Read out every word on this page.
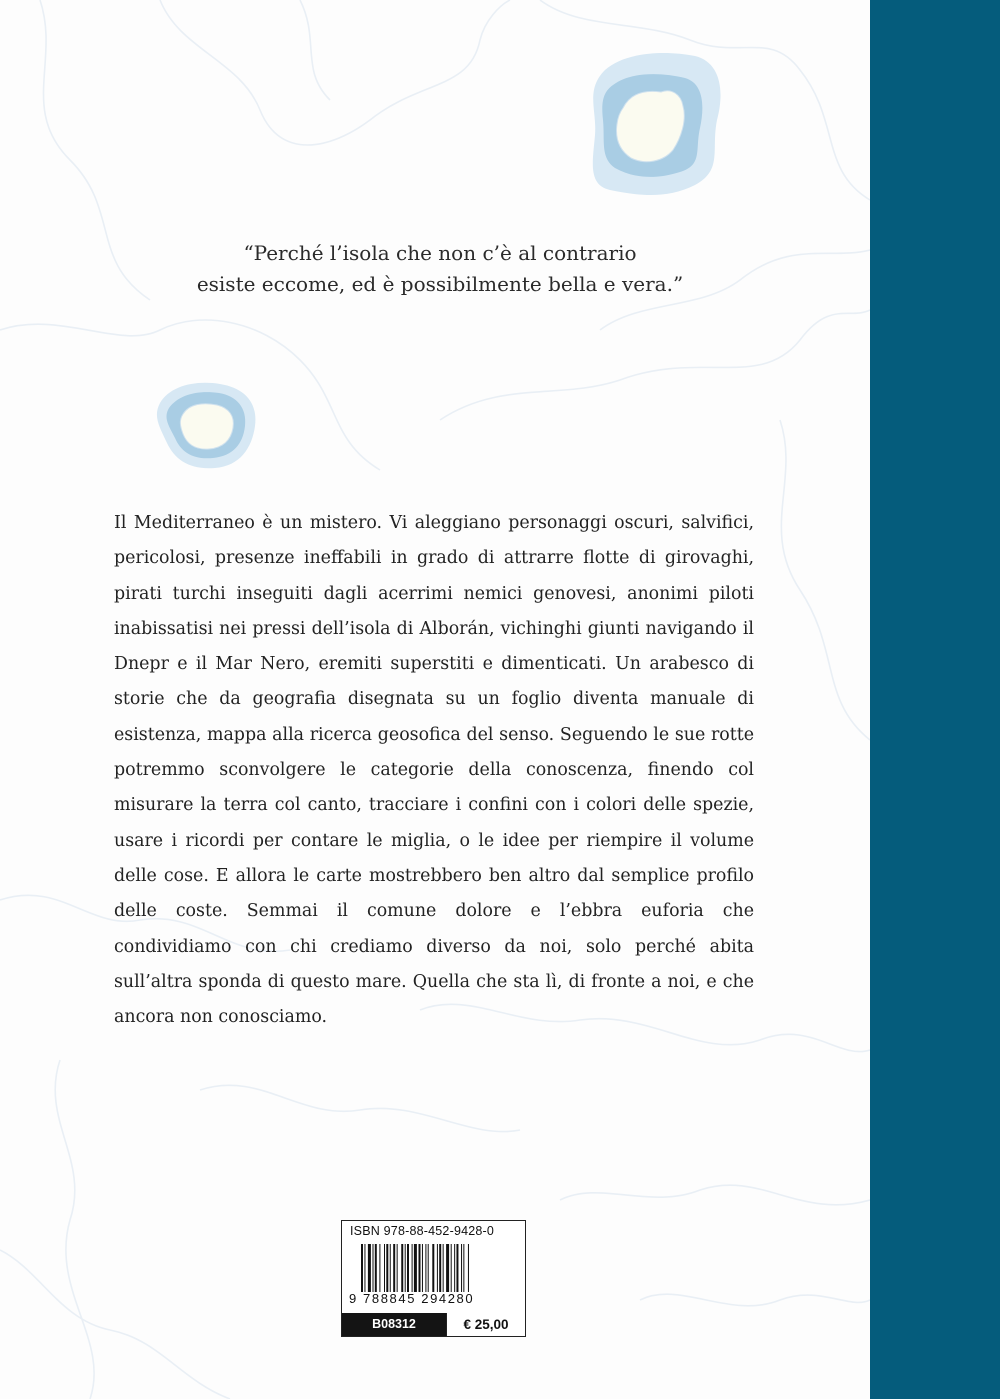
“Perché l’isola che non c’è al contrario
esiste eccome, ed è possibilmente bella e vera.”

Il Mediterraneo è un mistero. Vi aleggiano personaggi oscuri, salvifici, pericolosi, presenze ineffabili in grado di attrarre flotte di girovaghi, pirati turchi inseguiti dagli acerrimi nemici genovesi, anonimi piloti inabissatisi nei pressi dell’isola di Alborán, vichinghi giunti navigando il Dnepr e il Mar Nero, eremiti superstiti e dimenticati. Un arabesco di storie che da geografia disegnata su un foglio diventa manuale di esistenza, mappa alla ricerca geosofica del senso. Seguendo le sue rotte potremmo sconvolgere le categorie della conoscenza, finendo col misurare la terra col canto, tracciare i confini con i colori delle spezie, usare i ricordi per contare le miglia, o le idee per riempire il volume delle cose. E allora le carte mostrebbero ben altro dal semplice profilo delle coste. Semmai il comune dolore e l’ebbra euforia che condividiamo con chi crediamo diverso da noi, solo perché abita sull’altra sponda di questo mare. Quella che sta lì, di fronte a noi, e che ancora non conosciamo.

ISBN 978-88-452-9428-0
9 788845 294280
B08312	€ 25,00
